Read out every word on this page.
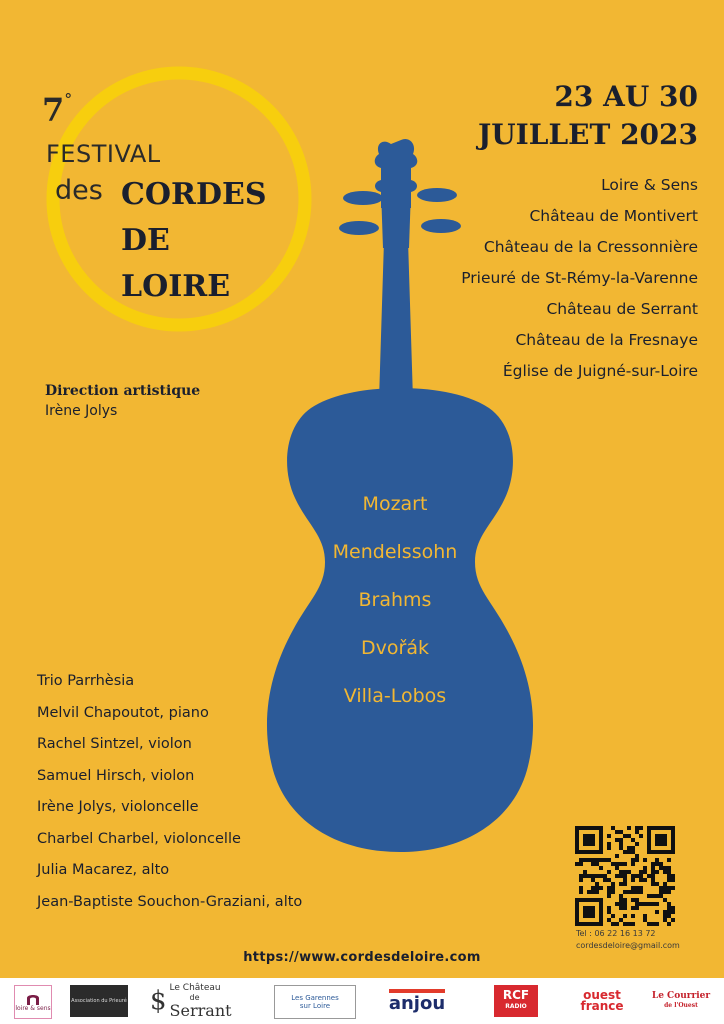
7°
FESTIVAL
des CORDES
DE
LOIRE
23 AU 30
JUILLET 2023
Loire & Sens
Château de Montivert
Château de la Cressonnière
Prieuré de St-Rémy-la-Varenne
Château de Serrant
Château de la Fresnaye
Église de Juigné-sur-Loire
Direction artistique
Irène Jolys
Mozart
Mendelssohn
Brahms
Dvořák
Villa-Lobos
Trio Parrhèsia
Melvil Chapoutot, piano
Rachel Sintzel, violon
Samuel Hirsch, violon
Irène Jolys, violoncelle
Charbel Charbel, violoncelle
Julia Macarez, alto
Jean-Baptiste Souchon-Graziani, alto
Tel : 06 22 16 13 72
cordesdeloire@gmail.com
https://www.cordesdeloire.com
loire & sens
Association du Prieuré $ Le Château
de
Serrant
Les Garennes
sur Loire	anjou	RCF
RADIO
ouest
france
Le Courrier
de l'Ouest
